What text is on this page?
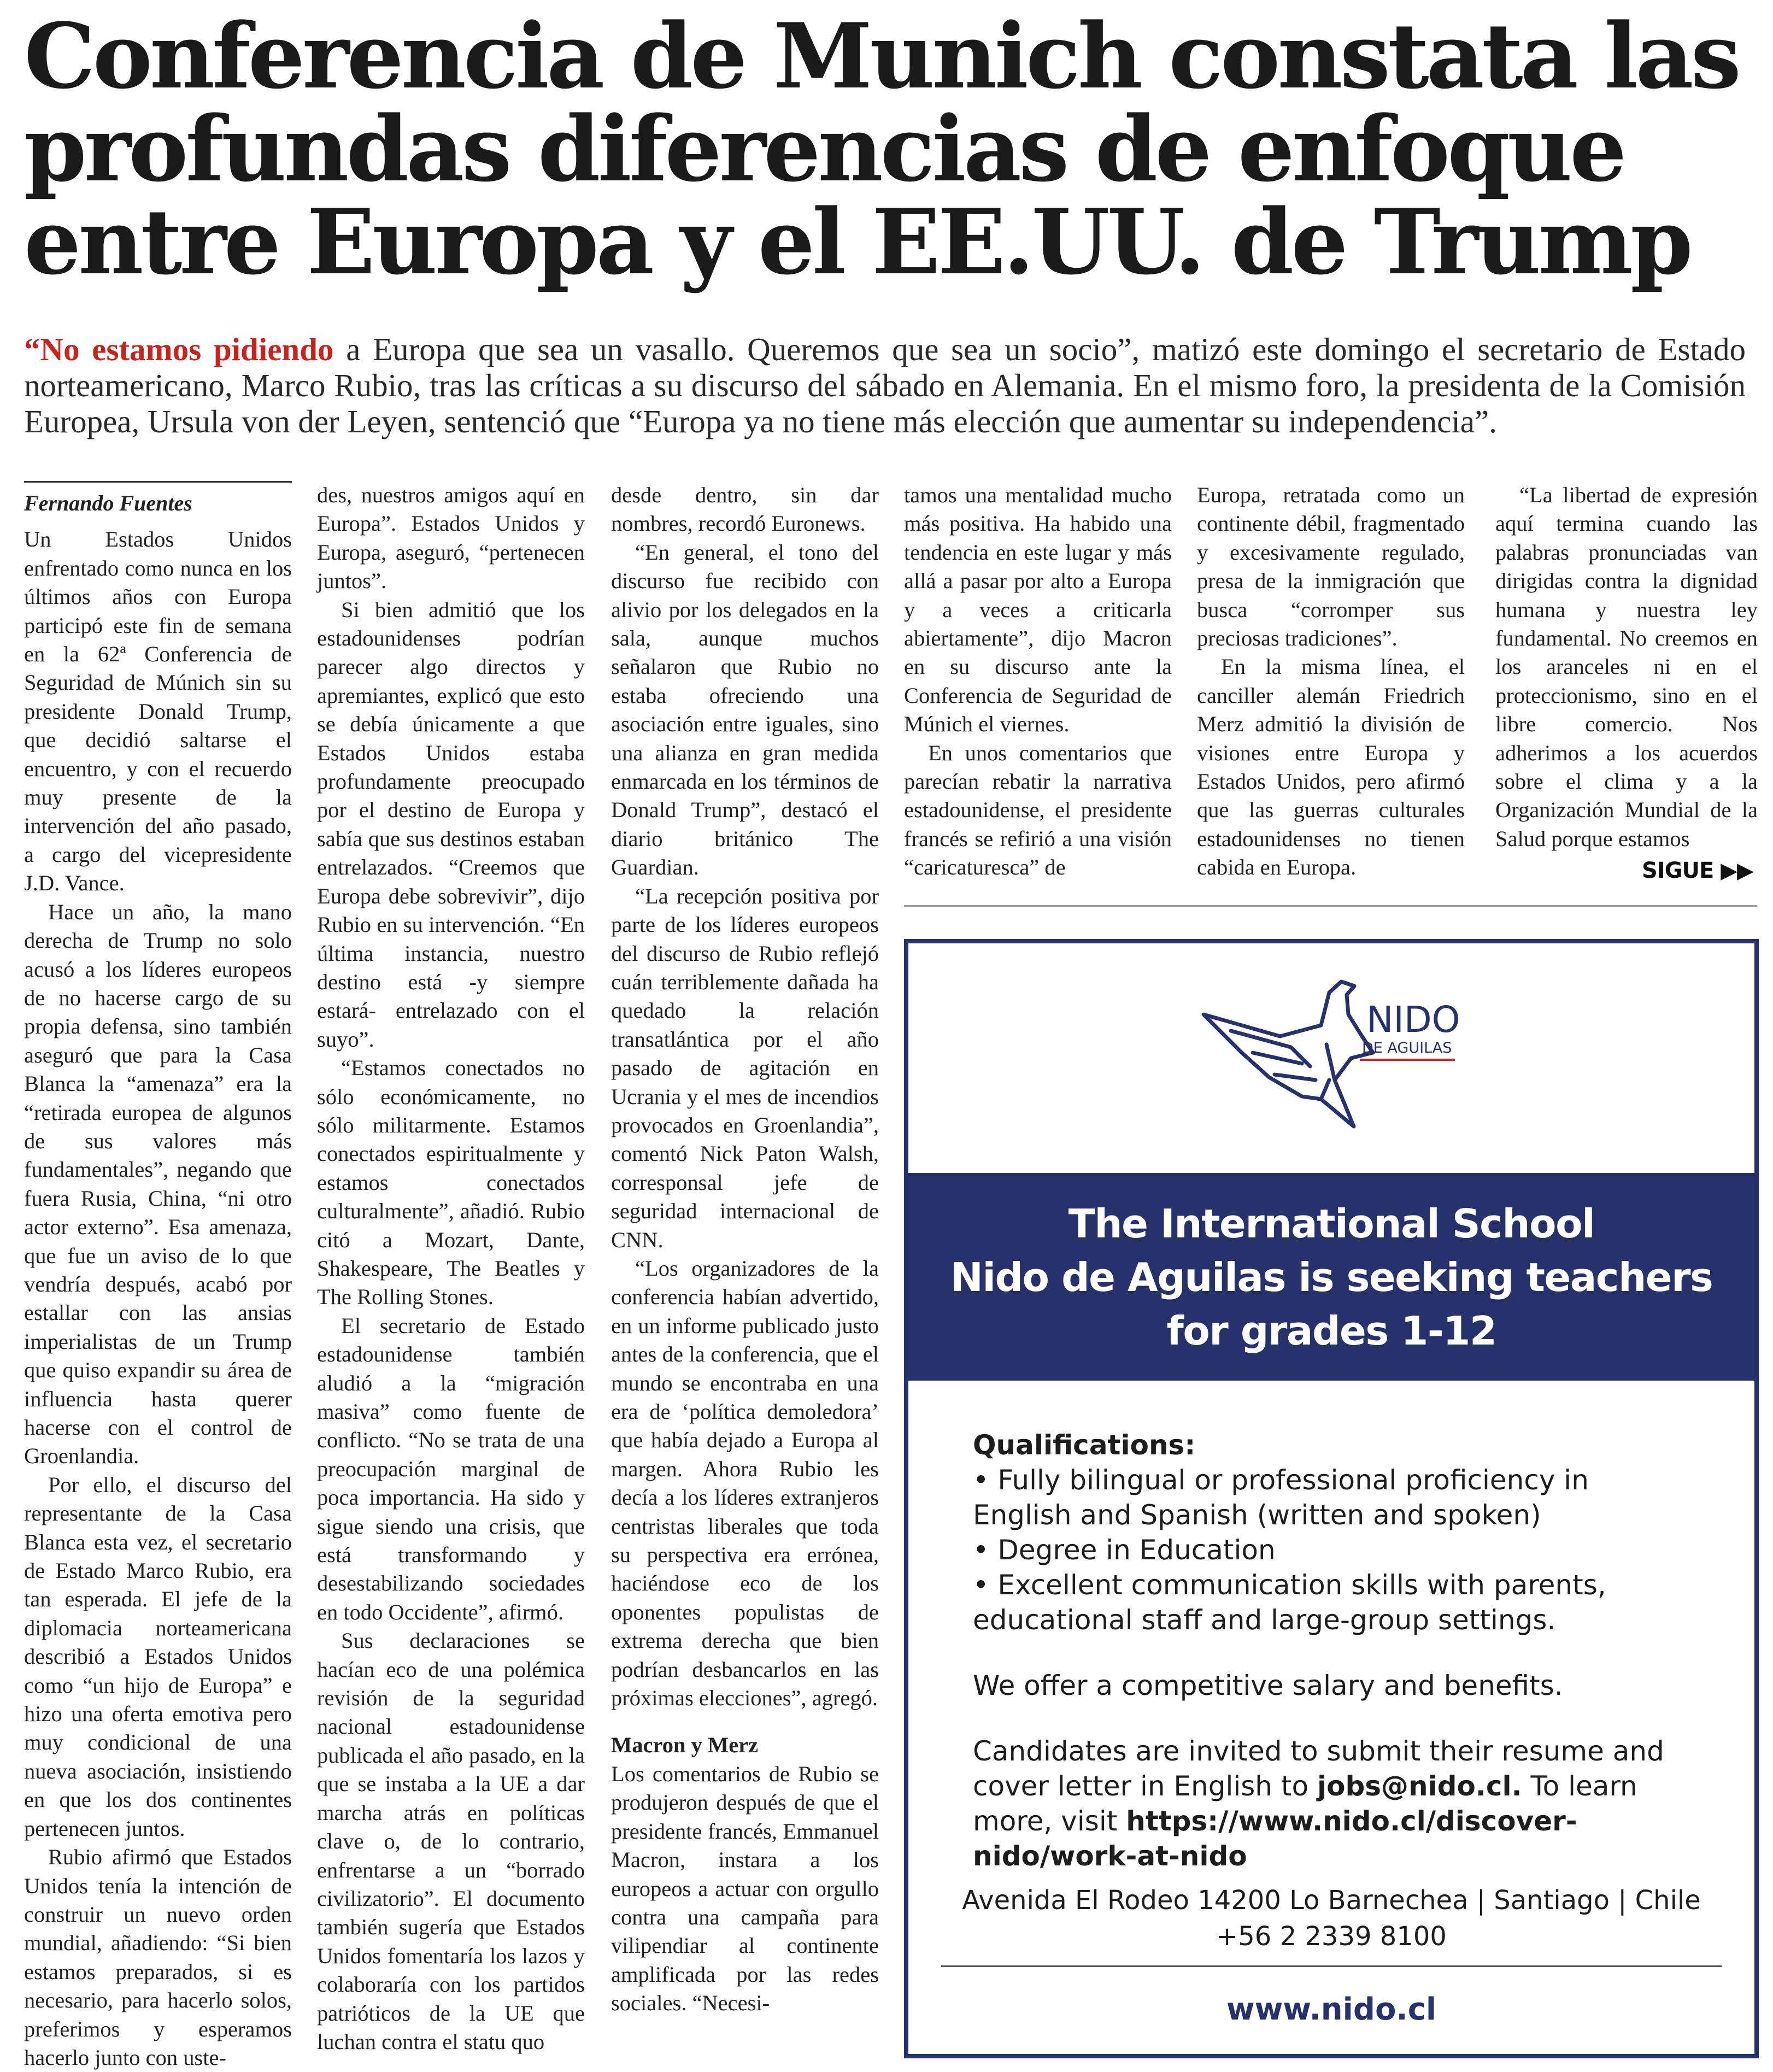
Conferencia de Munich constata las profundas diferencias de enfoque entre Europa y el EE.UU. de Trump

“No estamos pidiendo a Europa que sea un vasallo. Queremos que sea un socio”, matizó este domingo el secretario de Estado norteamericano, Marco Rubio, tras las críticas a su discurso del sábado en Alemania. En el mismo foro, la presidenta de la Comisión Europea, Ursula von der Leyen, sentenció que “Europa ya no tiene más elección que aumentar su independencia”.

Fernando Fuentes

Un Estados Unidos enfrentado como nunca en los últimos años con Europa participó este fin de semana en la 62ª Conferencia de Seguridad de Múnich sin su presidente Donald Trump, que decidió saltarse el encuentro, y con el recuerdo muy presente de la intervención del año pasado, a cargo del vicepresidente J.D. Vance.

Hace un año, la mano derecha de Trump no solo acusó a los líderes europeos de no hacerse cargo de su propia defensa, sino también aseguró que para la Casa Blanca la “amenaza” era la “retirada europea de algunos de sus valores más fundamentales”, negando que fuera Rusia, China, “ni otro actor externo”. Esa amenaza, que fue un aviso de lo que vendría después, acabó por estallar con las ansias imperialistas de un Trump que quiso expandir su área de influencia hasta querer hacerse con el control de Groenlandia.

Por ello, el discurso del representante de la Casa Blanca esta vez, el secretario de Estado Marco Rubio, era tan esperada. El jefe de la diplomacia norteamericana describió a Estados Unidos como “un hijo de Europa” e hizo una oferta emotiva pero muy condicional de una nueva asociación, insistiendo en que los dos continentes pertenecen juntos.

Rubio afirmó que Estados Unidos tenía la intención de construir un nuevo orden mundial, añadiendo: “Si bien estamos preparados, si es necesario, para hacerlo solos, preferimos y esperamos hacerlo junto con uste-

des, nuestros amigos aquí en Europa”. Estados Unidos y Europa, aseguró, “pertenecen juntos”.

Si bien admitió que los estadounidenses podrían parecer algo directos y apremiantes, explicó que esto se debía únicamente a que Estados Unidos estaba profundamente preocupado por el destino de Europa y sabía que sus destinos estaban entrelazados. “Creemos que Europa debe sobrevivir”, dijo Rubio en su intervención. “En última instancia, nuestro destino está -y siempre estará- entrelazado con el suyo”.

“Estamos conectados no sólo económicamente, no sólo militarmente. Estamos conectados espiritualmente y estamos conectados culturalmente”, añadió. Rubio citó a Mozart, Dante, Shakespeare, The Beatles y The Rolling Stones.

El secretario de Estado estadounidense también aludió a la “migración masiva” como fuente de conflicto. “No se trata de una preocupación marginal de poca importancia. Ha sido y sigue siendo una crisis, que está transformando y desestabilizando sociedades en todo Occidente”, afirmó.

Sus declaraciones se hacían eco de una polémica revisión de la seguridad nacional estadounidense publicada el año pasado, en la que se instaba a la UE a dar marcha atrás en políticas clave o, de lo contrario, enfrentarse a un “borrado civilizatorio”. El documento también sugería que Estados Unidos fomentaría los lazos y colaboraría con los partidos patrióticos de la UE que luchan contra el statu quo

desde dentro, sin dar nombres, recordó Euronews.

“En general, el tono del discurso fue recibido con alivio por los delegados en la sala, aunque muchos señalaron que Rubio no estaba ofreciendo una asociación entre iguales, sino una alianza en gran medida enmarcada en los términos de Donald Trump”, destacó el diario británico The Guardian.

“La recepción positiva por parte de los líderes europeos del discurso de Rubio reflejó cuán terriblemente dañada ha quedado la relación transatlántica por el año pasado de agitación en Ucrania y el mes de incendios provocados en Groenlandia”, comentó Nick Paton Walsh, corresponsal jefe de seguridad internacional de CNN.

“Los organizadores de la conferencia habían advertido, en un informe publicado justo antes de la conferencia, que el mundo se encontraba en una era de ‘política demoledora’ que había dejado a Europa al margen. Ahora Rubio les decía a los líderes extranjeros centristas liberales que toda su perspectiva era errónea, haciéndose eco de los oponentes populistas de extrema derecha que bien podrían desbancarlos en las próximas elecciones”, agregó.

Macron y Merz

Los comentarios de Rubio se produjeron después de que el presidente francés, Emmanuel Macron, instara a los europeos a actuar con orgullo contra una campaña para vilipendiar al continente amplificada por las redes sociales. “Necesi-

tamos una mentalidad mucho más positiva. Ha habido una tendencia en este lugar y más allá a pasar por alto a Europa y a veces a criticarla abiertamente”, dijo Macron en su discurso ante la Conferencia de Seguridad de Múnich el viernes.

En unos comentarios que parecían rebatir la narrativa estadounidense, el presidente francés se refirió a una visión “caricaturesca” de

Europa, retratada como un continente débil, fragmentado y excesivamente regulado, presa de la inmigración que busca “corromper sus preciosas tradiciones”.

En la misma línea, el canciller alemán Friedrich Merz admitió la división de visiones entre Europa y Estados Unidos, pero afirmó que las guerras culturales estadounidenses no tienen cabida en Europa.

“La libertad de expresión aquí termina cuando las palabras pronunciadas van dirigidas contra la dignidad humana y nuestra ley fundamental. No creemos en los aranceles ni en el proteccionismo, sino en el libre comercio. Nos adherimos a los acuerdos sobre el clima y a la Organización Mundial de la Salud porque estamos

SIGUE ▶▶
NIDO
DE AGUILAS
The International School
Nido de Aguilas is seeking teachers
for grades 1-12

Qualifications:

• Fully bilingual or professional proficiency in English and Spanish (written and spoken)
• Degree in Education
• Excellent communication skills with parents, educational staff and large-group settings.

We offer a competitive salary and benefits.

Candidates are invited to submit their resume and cover letter in English to jobs@nido.cl. To learn more, visit https://www.nido.cl/discover-nido/work-at-nido

Avenida El Rodeo 14200 Lo Barnechea | Santiago | Chile
+56 2 2339 8100
www.nido.cl
